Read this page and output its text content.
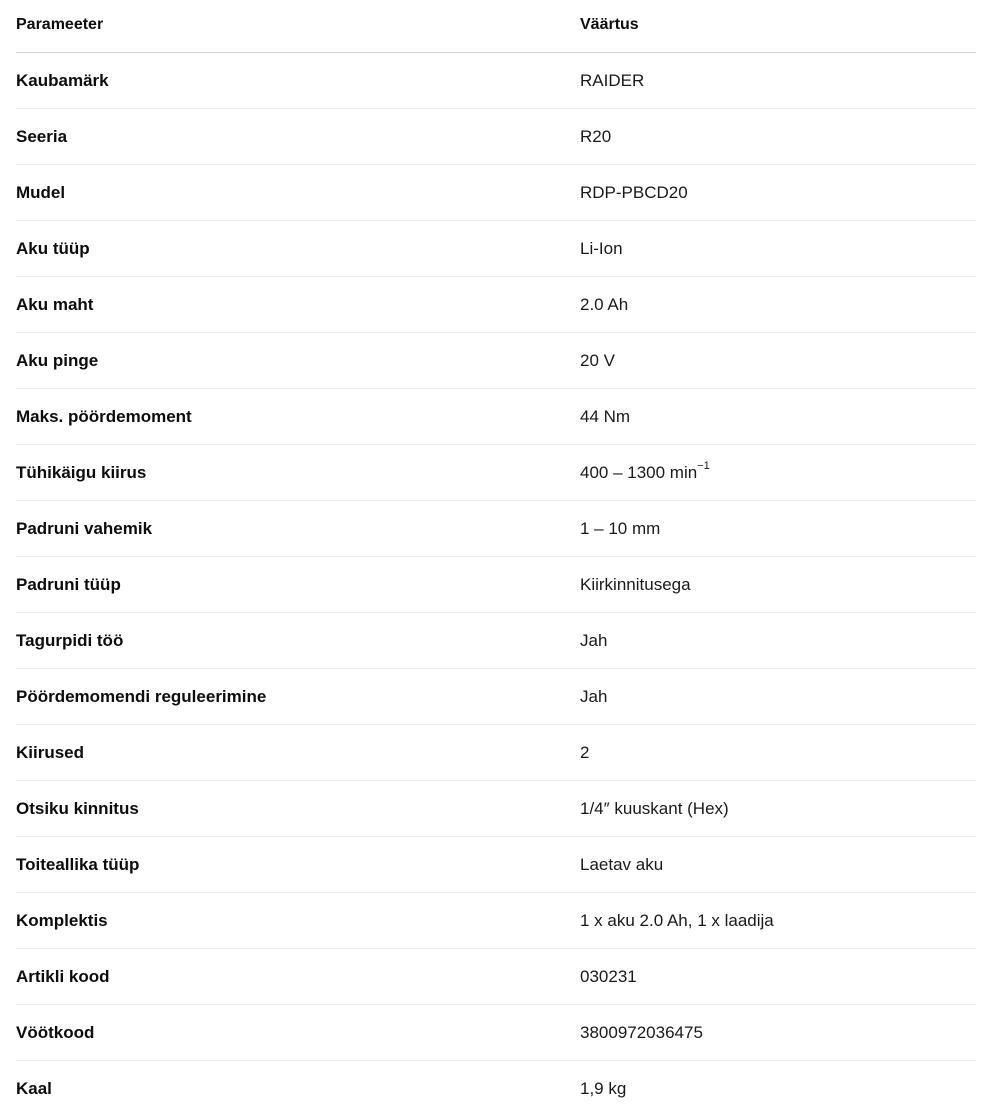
Parameeter	Väärtus
Kaubamärk	RAIDER
Seeria	R20
Mudel	RDP-PBCD20
Aku tüüp	Li-Ion
Aku maht	2.0 Ah
Aku pinge	20 V
Maks. pöördemoment	44 Nm
Tühikäigu kiirus	400 – 1300 $\min^{-1}$
Padruni vahemik	1 – 10 mm
Padruni tüüp	Kiirkinnitusega
Tagurpidi töö	Jah
Pöördemomendi reguleerimine	Jah
Kiirused	2
Otsiku kinnitus	1/4″ kuuskant (Hex)
Toiteallika tüüp	Laetav aku
Komplektis	1 x aku 2.0 Ah, 1 x laadija
Artikli kood	030231
Vöötkood	3800972036475
Kaal	1,9 kg
